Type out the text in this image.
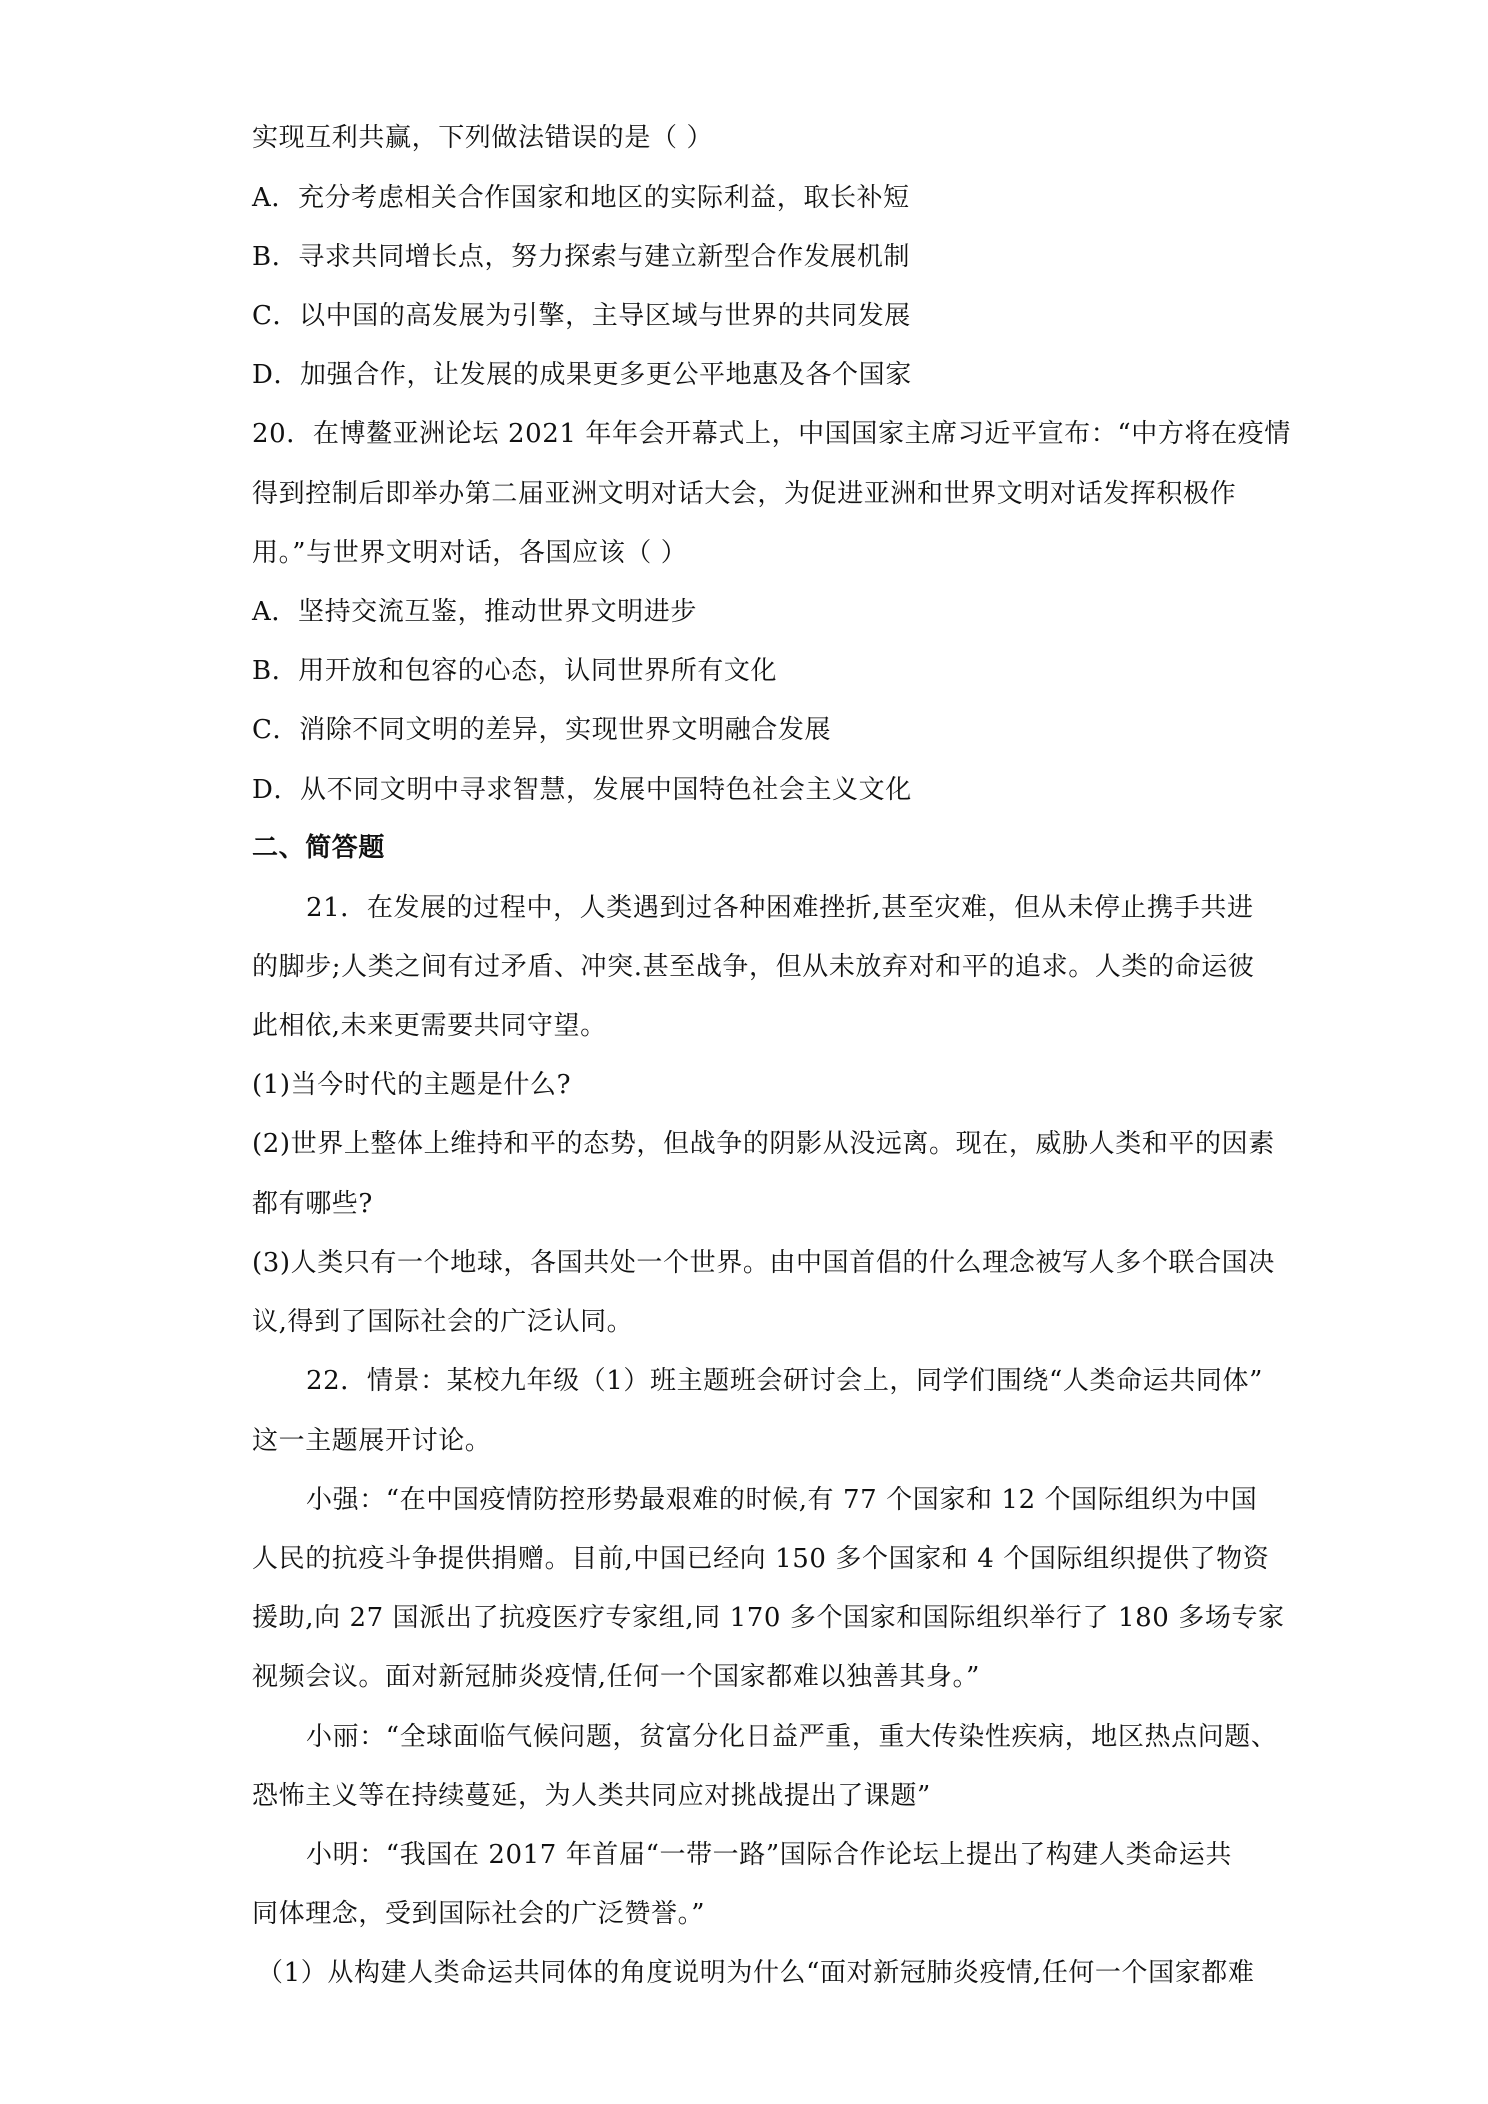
实现互利共赢，下列做法错误的是（ ）
A．充分考虑相关合作国家和地区的实际利益，取长补短
B．寻求共同增长点，努力探索与建立新型合作发展机制
C．以中国的高发展为引擎，主导区域与世界的共同发展
D．加强合作，让发展的成果更多更公平地惠及各个国家
20．在博鳌亚洲论坛 2021 年年会开幕式上，中国国家主席习近平宣布：“中方将在疫情
得到控制后即举办第二届亚洲文明对话大会，为促进亚洲和世界文明对话发挥积极作
用。”与世界文明对话，各国应该（ ）
A．坚持交流互鉴，推动世界文明进步
B．用开放和包容的心态，认同世界所有文化
C．消除不同文明的差异，实现世界文明融合发展
D．从不同文明中寻求智慧，发展中国特色社会主义文化
二、简答题
21．在发展的过程中，人类遇到过各种困难挫折,甚至灾难，但从未停止携手共进
的脚步;人类之间有过矛盾、冲突.甚至战争，但从未放弃对和平的追求。人类的命运彼
此相依,未来更需要共同守望。
(1)当今时代的主题是什么?
(2)世界上整体上维持和平的态势，但战争的阴影从没远离。现在，威胁人类和平的因素
都有哪些?
(3)人类只有一个地球，各国共处一个世界。由中国首倡的什么理念被写人多个联合国决
议,得到了国际社会的广泛认同。
22．情景：某校九年级（1）班主题班会研讨会上，同学们围绕“人类命运共同体”
这一主题展开讨论。
小强：“在中国疫情防控形势最艰难的时候,有 77 个国家和 12 个国际组织为中国
人民的抗疫斗争提供捐赠。目前,中国已经向 150 多个国家和 4 个国际组织提供了物资
援助,向 27 国派出了抗疫医疗专家组,同 170 多个国家和国际组织举行了 180 多场专家
视频会议。面对新冠肺炎疫情,任何一个国家都难以独善其身。”
小丽：“全球面临气候问题，贫富分化日益严重，重大传染性疾病，地区热点问题、
恐怖主义等在持续蔓延，为人类共同应对挑战提出了课题”
小明：“我国在 2017 年首届“一带一路”国际合作论坛上提出了构建人类命运共
同体理念，受到国际社会的广泛赞誉。”
（1）从构建人类命运共同体的角度说明为什么“面对新冠肺炎疫情,任何一个国家都难
